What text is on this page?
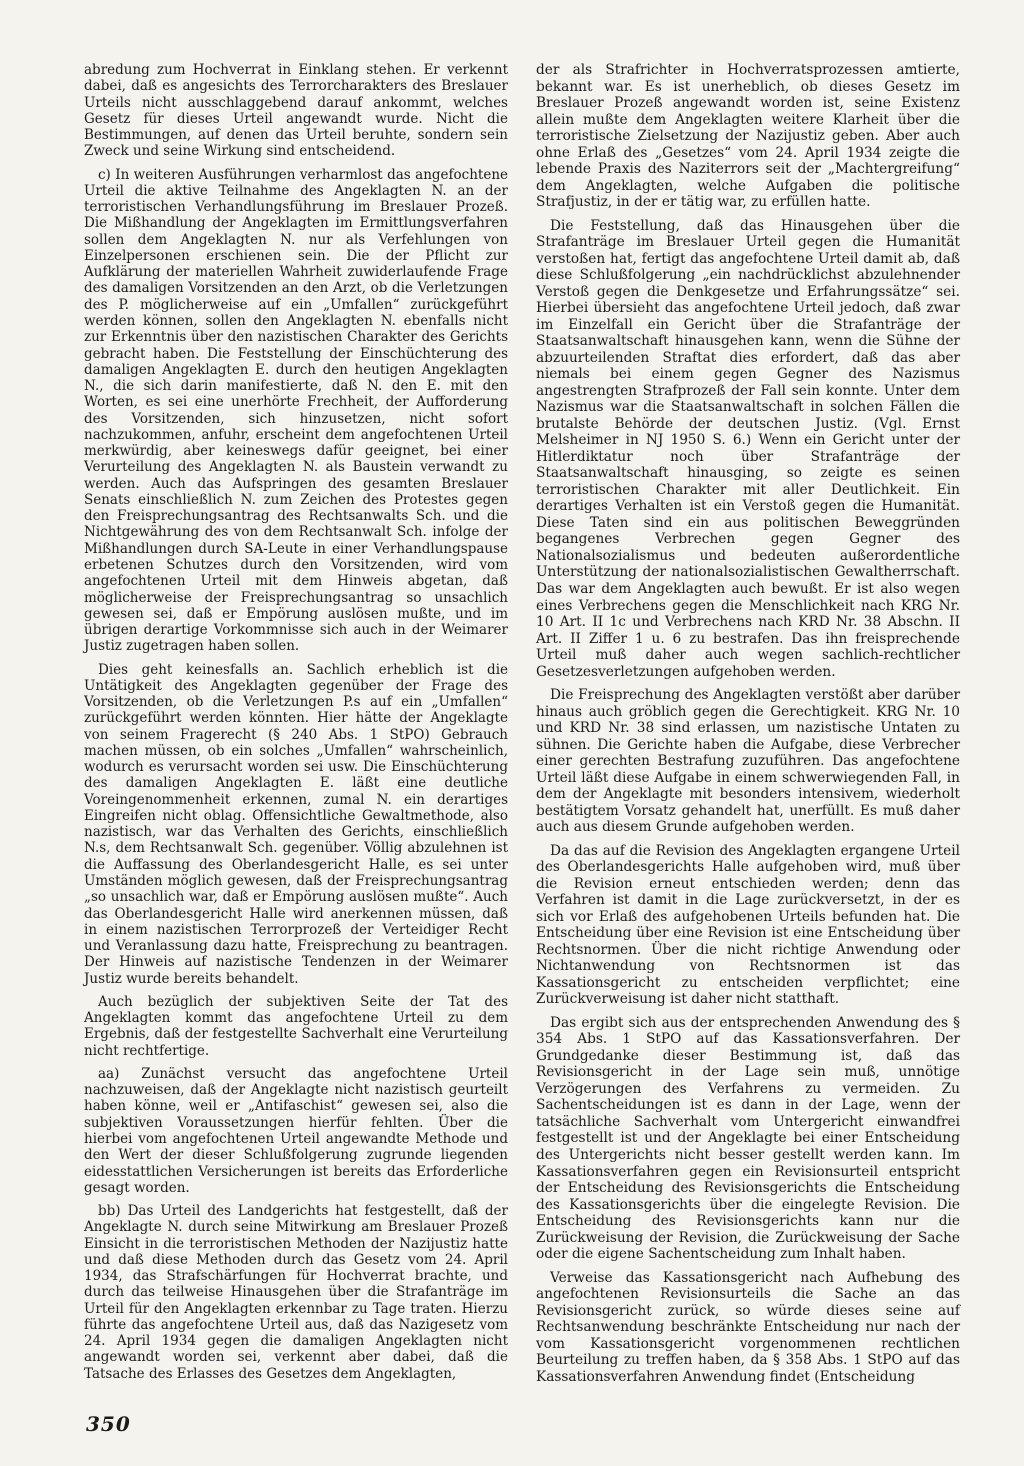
abredung zum Hochverrat in Einklang stehen. Er verkennt dabei, daß es angesichts des Terrorcharakters des Breslauer Urteils nicht ausschlaggebend darauf ankommt, welches Gesetz für dieses Urteil angewandt wurde. Nicht die Bestimmungen, auf denen das Urteil beruhte, sondern sein Zweck und seine Wirkung sind entscheidend.

c) In weiteren Ausführungen verharmlost das angefochtene Urteil die aktive Teilnahme des Angeklagten N. an der terroristischen Verhandlungsführung im Breslauer Prozeß. Die Mißhandlung der Angeklagten im Ermittlungsverfahren sollen dem Angeklagten N. nur als Verfehlungen von Einzelpersonen erschienen sein. Die der Pflicht zur Aufklärung der materiellen Wahrheit zuwiderlaufende Frage des damaligen Vorsitzenden an den Arzt, ob die Verletzungen des P. möglicherweise auf ein „Umfallen“ zurückgeführt werden können, sollen den Angeklagten N. ebenfalls nicht zur Erkenntnis über den nazistischen Charakter des Gerichts gebracht haben. Die Feststellung der Einschüchterung des damaligen Angeklagten E. durch den heutigen Angeklagten N., die sich darin manifestierte, daß N. den E. mit den Worten, es sei eine unerhörte Frechheit, der Aufforderung des Vorsitzenden, sich hinzusetzen, nicht sofort nachzukommen, anfuhr, erscheint dem angefochtenen Urteil merkwürdig, aber keineswegs dafür geeignet, bei einer Verurteilung des Angeklagten N. als Baustein verwandt zu werden. Auch das Aufspringen des gesamten Breslauer Senats einschließlich N. zum Zeichen des Protestes gegen den Freisprechungsantrag des Rechtsanwalts Sch. und die Nichtgewährung des von dem Rechtsanwalt Sch. infolge der Mißhandlungen durch SA-Leute in einer Verhandlungspause erbetenen Schutzes durch den Vorsitzenden, wird vom angefochtenen Urteil mit dem Hinweis abgetan, daß möglicherweise der Freisprechungsantrag so unsachlich gewesen sei, daß er Empörung auslösen mußte, und im übrigen derartige Vorkommnisse sich auch in der Weimarer Justiz zugetragen haben sollen.

Dies geht keinesfalls an. Sachlich erheblich ist die Untätigkeit des Angeklagten gegenüber der Frage des Vorsitzenden, ob die Verletzungen P.s auf ein „Umfallen“ zurückgeführt werden könnten. Hier hätte der Angeklagte von seinem Fragerecht (§ 240 Abs. 1 StPO) Gebrauch machen müssen, ob ein solches „Umfallen“ wahrscheinlich, wodurch es verursacht worden sei usw. Die Einschüchterung des damaligen Angeklagten E. läßt eine deutliche Voreingenommenheit erkennen, zumal N. ein derartiges Eingreifen nicht oblag. Offensichtliche Gewaltmethode, also nazistisch, war das Verhalten des Gerichts, einschließlich N.s, dem Rechtsanwalt Sch. gegenüber. Völlig abzulehnen ist die Auffassung des Oberlandesgericht Halle, es sei unter Umständen möglich gewesen, daß der Freisprechungsantrag „so unsachlich war, daß er Empörung auslösen mußte“. Auch das Oberlandesgericht Halle wird anerkennen müssen, daß in einem nazistischen Terrorprozeß der Verteidiger Recht und Veranlassung dazu hatte, Freisprechung zu beantragen. Der Hinweis auf nazistische Tendenzen in der Weimarer Justiz wurde bereits behandelt.

Auch bezüglich der subjektiven Seite der Tat des Angeklagten kommt das angefochtene Urteil zu dem Ergebnis, daß der festgestellte Sachverhalt eine Verurteilung nicht rechtfertige.

aa) Zunächst versucht das angefochtene Urteil nachzuweisen, daß der Angeklagte nicht nazistisch geurteilt haben könne, weil er „Antifaschist“ gewesen sei, also die subjektiven Voraussetzungen hierfür fehlten. Über die hierbei vom angefochtenen Urteil angewandte Methode und den Wert der dieser Schlußfolgerung zugrunde liegenden eidesstattlichen Versicherungen ist bereits das Erforderliche gesagt worden.

bb) Das Urteil des Landgerichts hat festgestellt, daß der Angeklagte N. durch seine Mitwirkung am Breslauer Prozeß Einsicht in die terroristischen Methoden der Nazijustiz hatte und daß diese Methoden durch das Gesetz vom 24. April 1934, das Strafschärfungen für Hochverrat brachte, und durch das teilweise Hinausgehen über die Strafanträge im Urteil für den Angeklagten erkennbar zu Tage traten. Hierzu führte das angefochtene Urteil aus, daß das Nazigesetz vom 24. April 1934 gegen die damaligen Angeklagten nicht angewandt worden sei, verkennt aber dabei, daß die Tatsache des Erlasses des Gesetzes dem Angeklagten,

der als Strafrichter in Hochverratsprozessen amtierte, bekannt war. Es ist unerheblich, ob dieses Gesetz im Breslauer Prozeß angewandt worden ist, seine Existenz allein mußte dem Angeklagten weitere Klarheit über die terroristische Zielsetzung der Nazijustiz geben. Aber auch ohne Erlaß des „Gesetzes“ vom 24. April 1934 zeigte die lebende Praxis des Naziterrors seit der „Machtergreifung“ dem Angeklagten, welche Aufgaben die politische Strafjustiz, in der er tätig war, zu erfüllen hatte.

Die Feststellung, daß das Hinausgehen über die Strafanträge im Breslauer Urteil gegen die Humanität verstoßen hat, fertigt das angefochtene Urteil damit ab, daß diese Schlußfolgerung „ein nachdrücklichst abzulehnender Verstoß gegen die Denkgesetze und Erfahrungssätze“ sei. Hierbei übersieht das angefochtene Urteil jedoch, daß zwar im Einzelfall ein Gericht über die Strafanträge der Staatsanwaltschaft hinausgehen kann, wenn die Sühne der abzuurteilenden Straftat dies erfordert, daß das aber niemals bei einem gegen Gegner des Nazismus angestrengten Strafprozeß der Fall sein konnte. Unter dem Nazismus war die Staatsanwaltschaft in solchen Fällen die brutalste Behörde der deutschen Justiz. (Vgl. Ernst Melsheimer in NJ 1950 S. 6.) Wenn ein Gericht unter der Hitlerdiktatur noch über Strafanträge der Staatsanwaltschaft hinausging, so zeigte es seinen terroristischen Charakter mit aller Deutlichkeit. Ein derartiges Verhalten ist ein Verstoß gegen die Humanität. Diese Taten sind ein aus politischen Beweggründen begangenes Verbrechen gegen Gegner des Nationalsozialismus und bedeuten außerordentliche Unterstützung der nationalsozialistischen Gewaltherrschaft. Das war dem Angeklagten auch bewußt. Er ist also wegen eines Verbrechens gegen die Menschlichkeit nach KRG Nr. 10 Art. II 1c und Verbrechens nach KRD Nr. 38 Abschn. II Art. II Ziffer 1 u. 6 zu bestrafen. Das ihn freisprechende Urteil muß daher auch wegen sachlich-rechtlicher Gesetzesverletzungen aufgehoben werden.

Die Freisprechung des Angeklagten verstößt aber darüber hinaus auch gröblich gegen die Gerechtigkeit. KRG Nr. 10 und KRD Nr. 38 sind erlassen, um nazistische Untaten zu sühnen. Die Gerichte haben die Aufgabe, diese Verbrecher einer gerechten Bestrafung zuzuführen. Das angefochtene Urteil läßt diese Aufgabe in einem schwerwiegenden Fall, in dem der Angeklagte mit besonders intensivem, wiederholt bestätigtem Vorsatz gehandelt hat, unerfüllt. Es muß daher auch aus diesem Grunde aufgehoben werden.

Da das auf die Revision des Angeklagten ergangene Urteil des Oberlandesgerichts Halle aufgehoben wird, muß über die Revision erneut entschieden werden; denn das Verfahren ist damit in die Lage zurückversetzt, in der es sich vor Erlaß des aufgehobenen Urteils befunden hat. Die Entscheidung über eine Revision ist eine Entscheidung über Rechtsnormen. Über die nicht richtige Anwendung oder Nichtanwendung von Rechtsnormen ist das Kassationsgericht zu entscheiden verpflichtet; eine Zurückverweisung ist daher nicht statthaft.

Das ergibt sich aus der entsprechenden Anwendung des § 354 Abs. 1 StPO auf das Kassationsverfahren. Der Grundgedanke dieser Bestimmung ist, daß das Revisionsgericht in der Lage sein muß, unnötige Verzögerungen des Verfahrens zu vermeiden. Zu Sachentscheidungen ist es dann in der Lage, wenn der tatsächliche Sachverhalt vom Untergericht einwandfrei festgestellt ist und der Angeklagte bei einer Entscheidung des Untergerichts nicht besser gestellt werden kann. Im Kassationsverfahren gegen ein Revisionsurteil entspricht der Entscheidung des Revisionsgerichts die Entscheidung des Kassationsgerichts über die eingelegte Revision. Die Entscheidung des Revisionsgerichts kann nur die Zurückweisung der Revision, die Zurückweisung der Sache oder die eigene Sachentscheidung zum Inhalt haben.

Verweise das Kassationsgericht nach Aufhebung des angefochtenen Revisionsurteils die Sache an das Revisionsgericht zurück, so würde dieses seine auf Rechtsanwendung beschränkte Entscheidung nur nach der vom Kassationsgericht vorgenommenen rechtlichen Beurteilung zu treffen haben, da § 358 Abs. 1 StPO auf das Kassationsverfahren Anwendung findet (Entscheidung

350
